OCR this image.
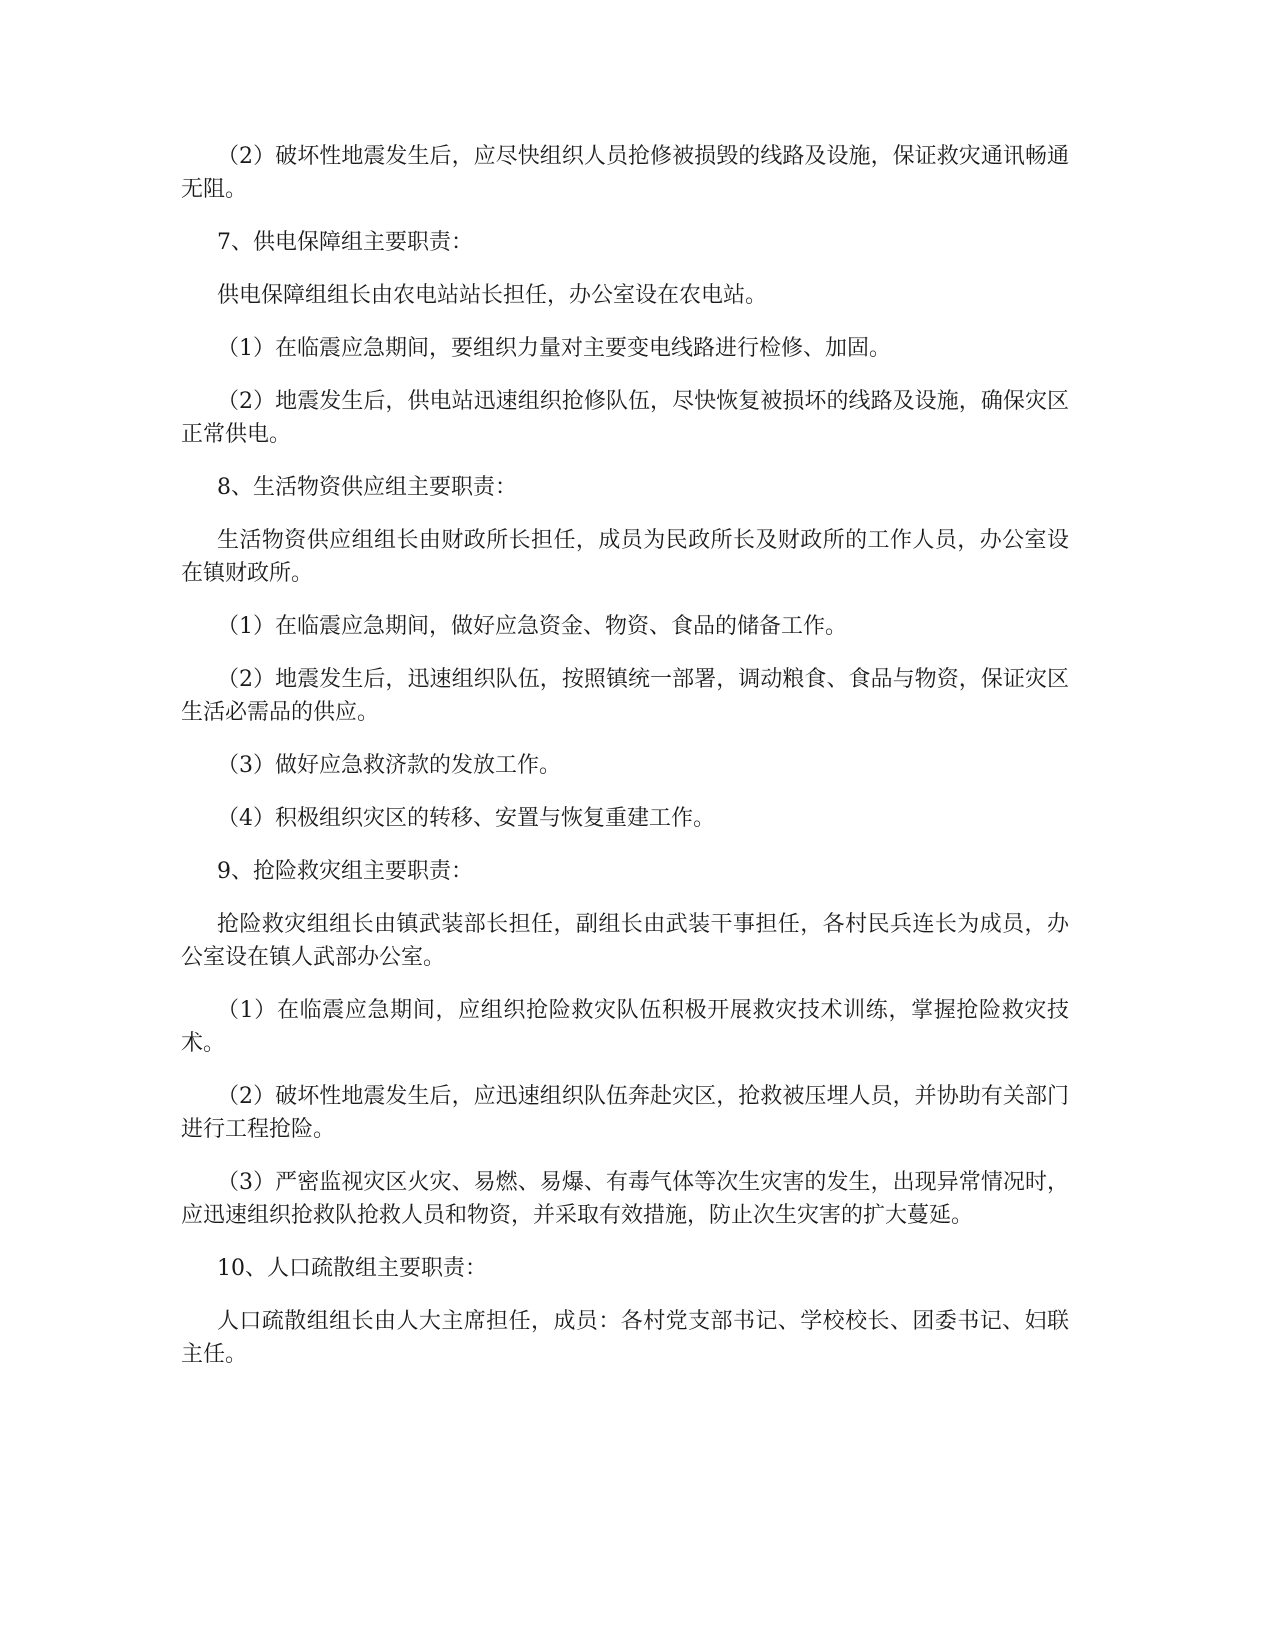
（2）破坏性地震发生后，应尽快组织人员抢修被损毁的线路及设施，保证救灾通讯畅通无阻。

7、供电保障组主要职责：

供电保障组组长由农电站站长担任，办公室设在农电站。

（1）在临震应急期间，要组织力量对主要变电线路进行检修、加固。

（2）地震发生后，供电站迅速组织抢修队伍，尽快恢复被损坏的线路及设施，确保灾区正常供电。

8、生活物资供应组主要职责：

生活物资供应组组长由财政所长担任，成员为民政所长及财政所的工作人员，办公室设在镇财政所。

（1）在临震应急期间，做好应急资金、物资、食品的储备工作。

（2）地震发生后，迅速组织队伍，按照镇统一部署，调动粮食、食品与物资，保证灾区生活必需品的供应。

（3）做好应急救济款的发放工作。

（4）积极组织灾区的转移、安置与恢复重建工作。

9、抢险救灾组主要职责：

抢险救灾组组长由镇武装部长担任，副组长由武装干事担任，各村民兵连长为成员，办公室设在镇人武部办公室。

（1）在临震应急期间，应组织抢险救灾队伍积极开展救灾技术训练，掌握抢险救灾技术。

（2）破坏性地震发生后，应迅速组织队伍奔赴灾区，抢救被压埋人员，并协助有关部门进行工程抢险。

（3）严密监视灾区火灾、易燃、易爆、有毒气体等次生灾害的发生，出现异常情况时，应迅速组织抢救队抢救人员和物资，并采取有效措施，防止次生灾害的扩大蔓延。

10、人口疏散组主要职责：

人口疏散组组长由人大主席担任，成员：各村党支部书记、学校校长、团委书记、妇联主任。
